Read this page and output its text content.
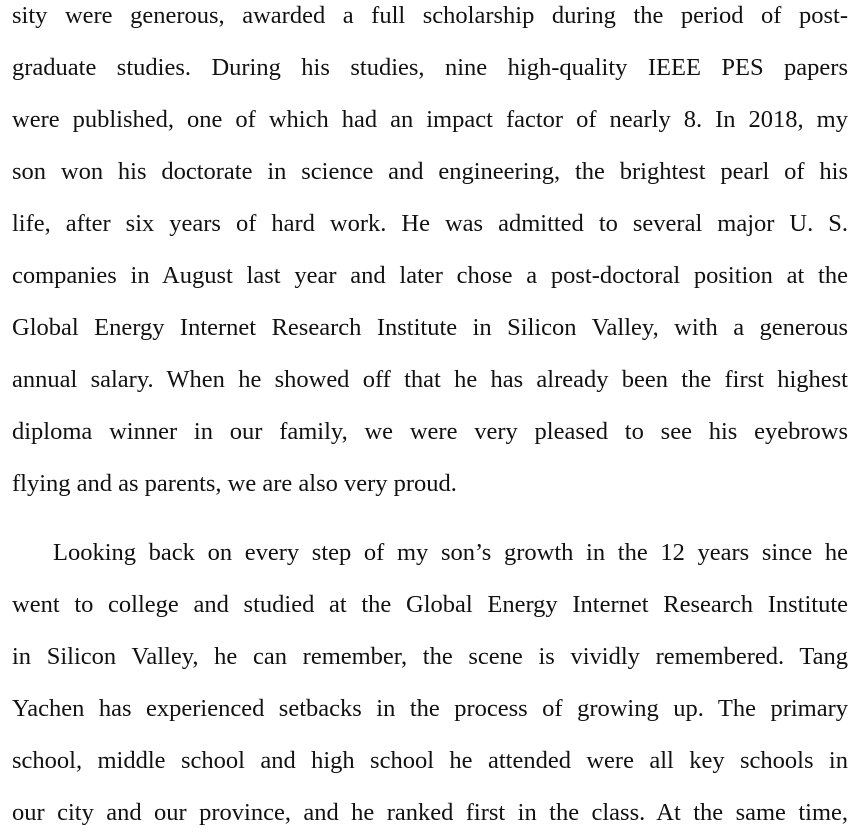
sity were generous, awarded a full scholarship during the period of post-
graduate studies. During his studies, nine high-quality IEEE PES papers
were published, one of which had an impact factor of nearly 8. In 2018, my
son won his doctorate in science and engineering, the brightest pearl of his
life, after six years of hard work. He was admitted to several major U. S.
companies in August last year and later chose a post-doctoral position at the
Global Energy Internet Research Institute in Silicon Valley, with a generous
annual salary. When he showed off that he has already been the first highest
diploma winner in our family, we were very pleased to see his eyebrows
flying and as parents, we are also very proud.
Looking back on every step of my son’s growth in the 12 years since he
went to college and studied at the Global Energy Internet Research Institute
in Silicon Valley, he can remember, the scene is vividly remembered. Tang
Yachen has experienced setbacks in the process of growing up. The primary
school, middle school and high school he attended were all key schools in
our city and our province, and he ranked first in the class. At the same time,
